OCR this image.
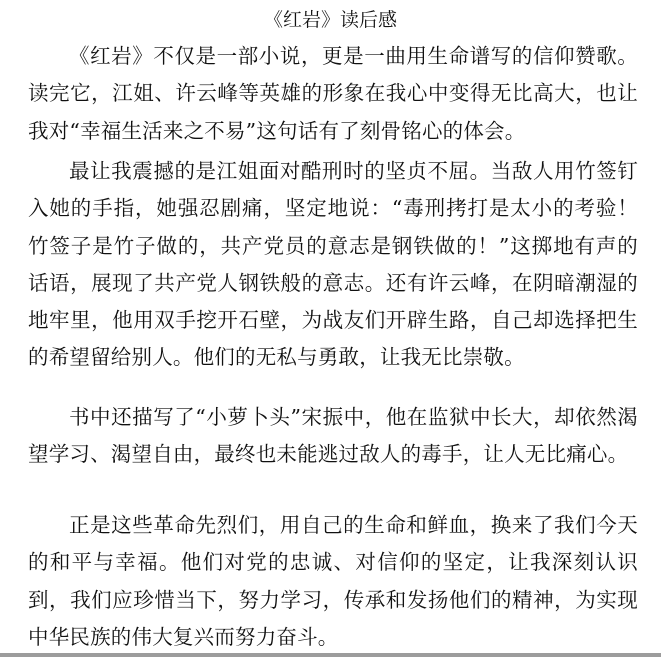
《红岩》读后感

《红岩》不仅是一部小说，更是一曲用生命谱写的信仰赞歌。读完它，江姐、许云峰等英雄的形象在我心中变得无比高大，也让我对“幸福生活来之不易”这句话有了刻骨铭心的体会。

最让我震撼的是江姐面对酷刑时的坚贞不屈。当敌人用竹签钉入她的手指，她强忍剧痛，坚定地说：“毒刑拷打是太小的考验！竹签子是竹子做的，共产党员的意志是钢铁做的！”这掷地有声的话语，展现了共产党人钢铁般的意志。还有许云峰，在阴暗潮湿的地牢里，他用双手挖开石壁，为战友们开辟生路，自己却选择把生的希望留给别人。他们的无私与勇敢，让我无比崇敬。

书中还描写了“小萝卜头”宋振中，他在监狱中长大，却依然渴望学习、渴望自由，最终也未能逃过敌人的毒手，让人无比痛心。

正是这些革命先烈们，用自己的生命和鲜血，换来了我们今天的和平与幸福。他们对党的忠诚、对信仰的坚定，让我深刻认识到，我们应珍惜当下，努力学习，传承和发扬他们的精神，为实现中华民族的伟大复兴而努力奋斗。
